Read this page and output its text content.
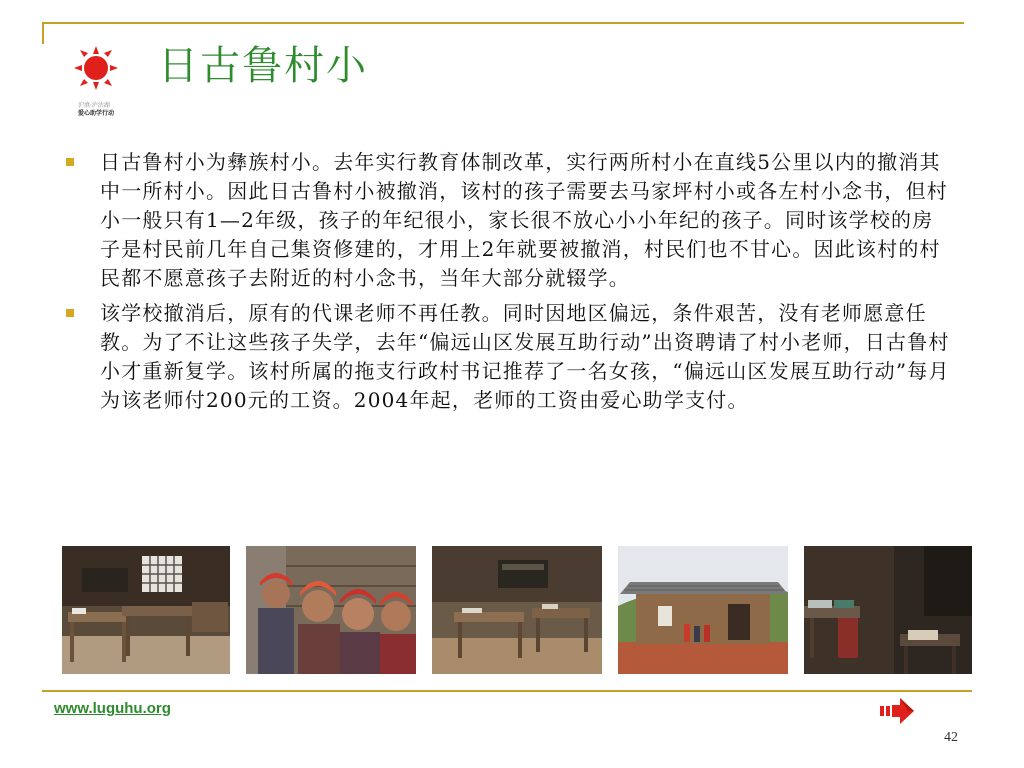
沪滇·泸沽湖
爱心助学行动
日古鲁村小
日古鲁村小为彝族村小。去年实行教育体制改革，实行两所村小在直线5公里以内的撤消其中一所村小。因此日古鲁村小被撤消，该村的孩子需要去马家坪村小或各左村小念书，但村小一般只有1—2年级，孩子的年纪很小，家长很不放心小小年纪的孩子。同时该学校的房子是村民前几年自己集资修建的，才用上2年就要被撤消，村民们也不甘心。因此该村的村民都不愿意孩子去附近的村小念书，当年大部分就辍学。
该学校撤消后，原有的代课老师不再任教。同时因地区偏远，条件艰苦，没有老师愿意任教。为了不让这些孩子失学，去年“偏远山区发展互助行动”出资聘请了村小老师，日古鲁村小才重新复学。该村所属的拖支行政村书记推荐了一名女孩，“偏远山区发展互助行动”每月为该老师付200元的工资。2004年起，老师的工资由爱心助学支付。
www.luguhu.org
42
